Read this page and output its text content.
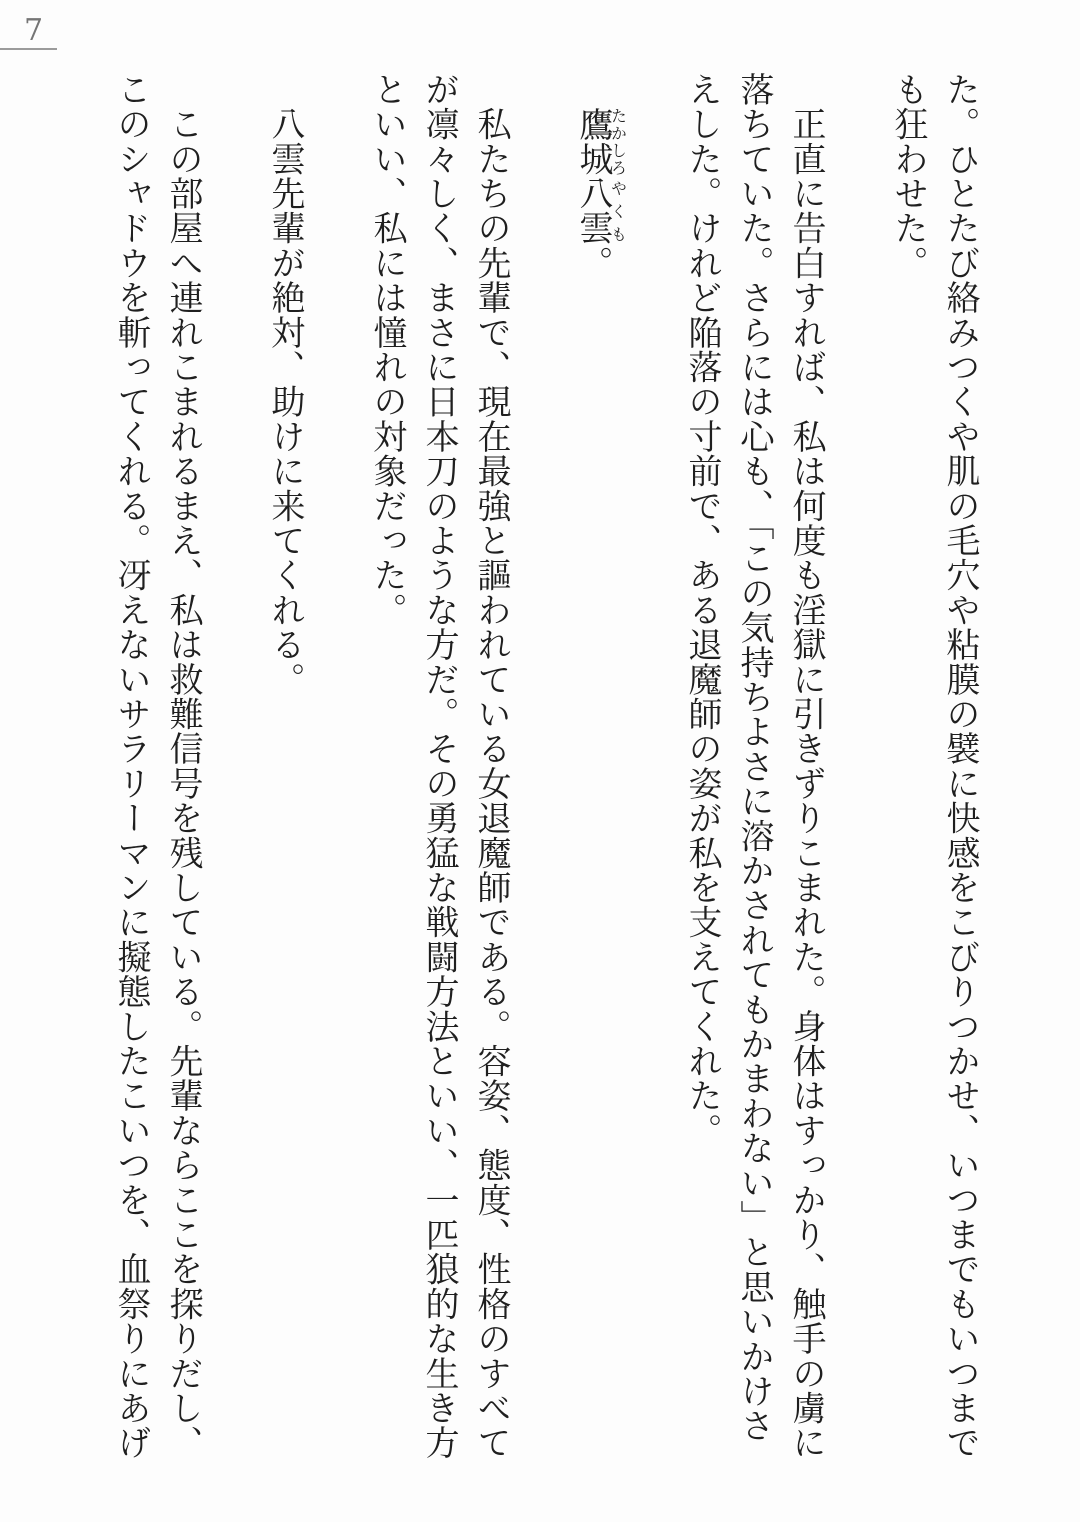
7
た。ひとたび絡みつくや肌の毛穴や粘膜の襞に快感をこびりつかせ、いつまでもいつまで
も狂わせた。
　正直に告白すれば、私は何度も淫獄に引きずりこまれた。身体はすっかり、触手の虜に
落ちていた。さらには心も、「この気持ちよさに溶かされてもかまわない」と思いかけさ
えした。けれど陥落の寸前で、ある退魔師の姿が私を支えてくれた。
　鷹城たかしろ八雲やくも。
　私たちの先輩で、現在最強と謳われている女退魔師である。容姿、態度、性格のすべて
が凛々しく、まさに日本刀のような方だ。その勇猛な戦闘方法といい、一匹狼的な生き方
といい、私には憧れの対象だった。
　八雲先輩が絶対、助けに来てくれる。
　この部屋へ連れこまれるまえ、私は救難信号を残している。先輩ならここを探りだし、
このシャドウを斬ってくれる。冴えないサラリーマンに擬態したこいつを、血祭りにあげ
